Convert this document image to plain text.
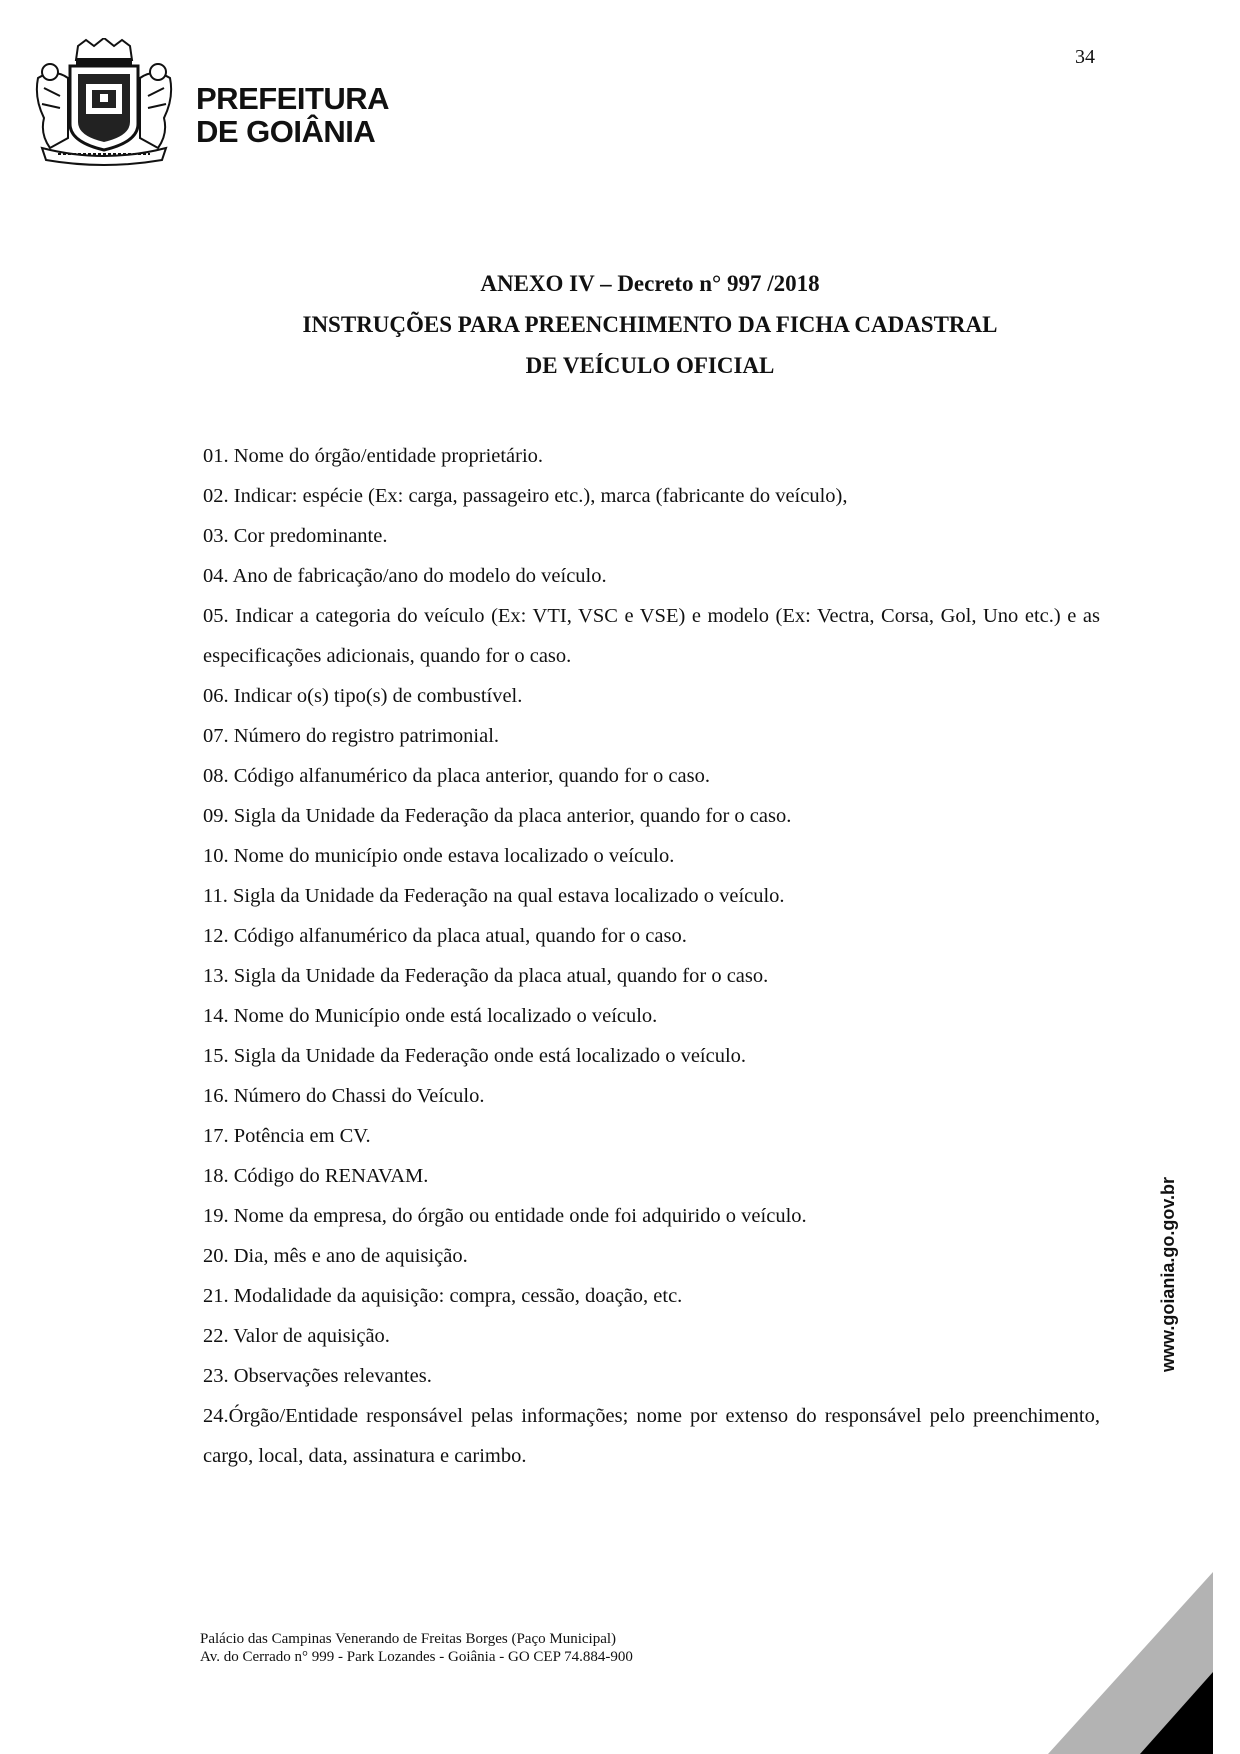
34
PREFEITURA
DE GOIÂNIA
ANEXO IV – Decreto n° 997 /2018
INSTRUÇÕES PARA PREENCHIMENTO DA FICHA CADASTRAL
DE VEÍCULO OFICIAL

01. Nome do órgão/entidade proprietário.

02. Indicar: espécie (Ex: carga, passageiro etc.), marca (fabricante do veículo),

03. Cor predominante.

04. Ano de fabricação/ano do modelo do veículo.

05. Indicar a categoria do veículo (Ex: VTI, VSC e VSE) e modelo (Ex: Vectra, Corsa, Gol, Uno etc.) e as especificações adicionais, quando for o caso.

06. Indicar o(s) tipo(s) de combustível.

07. Número do registro patrimonial.

08. Código alfanumérico da placa anterior, quando for o caso.

09. Sigla da Unidade da Federação da placa anterior, quando for o caso.

10. Nome do município onde estava localizado o veículo.

11. Sigla da Unidade da Federação na qual estava localizado o veículo.

12. Código alfanumérico da placa atual, quando for o caso.

13. Sigla da Unidade da Federação da placa atual, quando for o caso.

14. Nome do Município onde está localizado o veículo.

15. Sigla da Unidade da Federação onde está localizado o veículo.

16. Número do Chassi do Veículo.

17. Potência em CV.

18. Código do RENAVAM.

19. Nome da empresa, do órgão ou entidade onde foi adquirido o veículo.

20. Dia, mês e ano de aquisição.

21. Modalidade da aquisição: compra, cessão, doação, etc.

22. Valor de aquisição.

23. Observações relevantes.

24.Órgão/Entidade responsável pelas informações; nome por extenso do responsável pelo preenchimento, cargo, local, data, assinatura e carimbo.

www.goiania.go.gov.br
Palácio das Campinas Venerando de Freitas Borges (Paço Municipal)
Av. do Cerrado n° 999 - Park Lozandes - Goiânia - GO CEP 74.884-900
